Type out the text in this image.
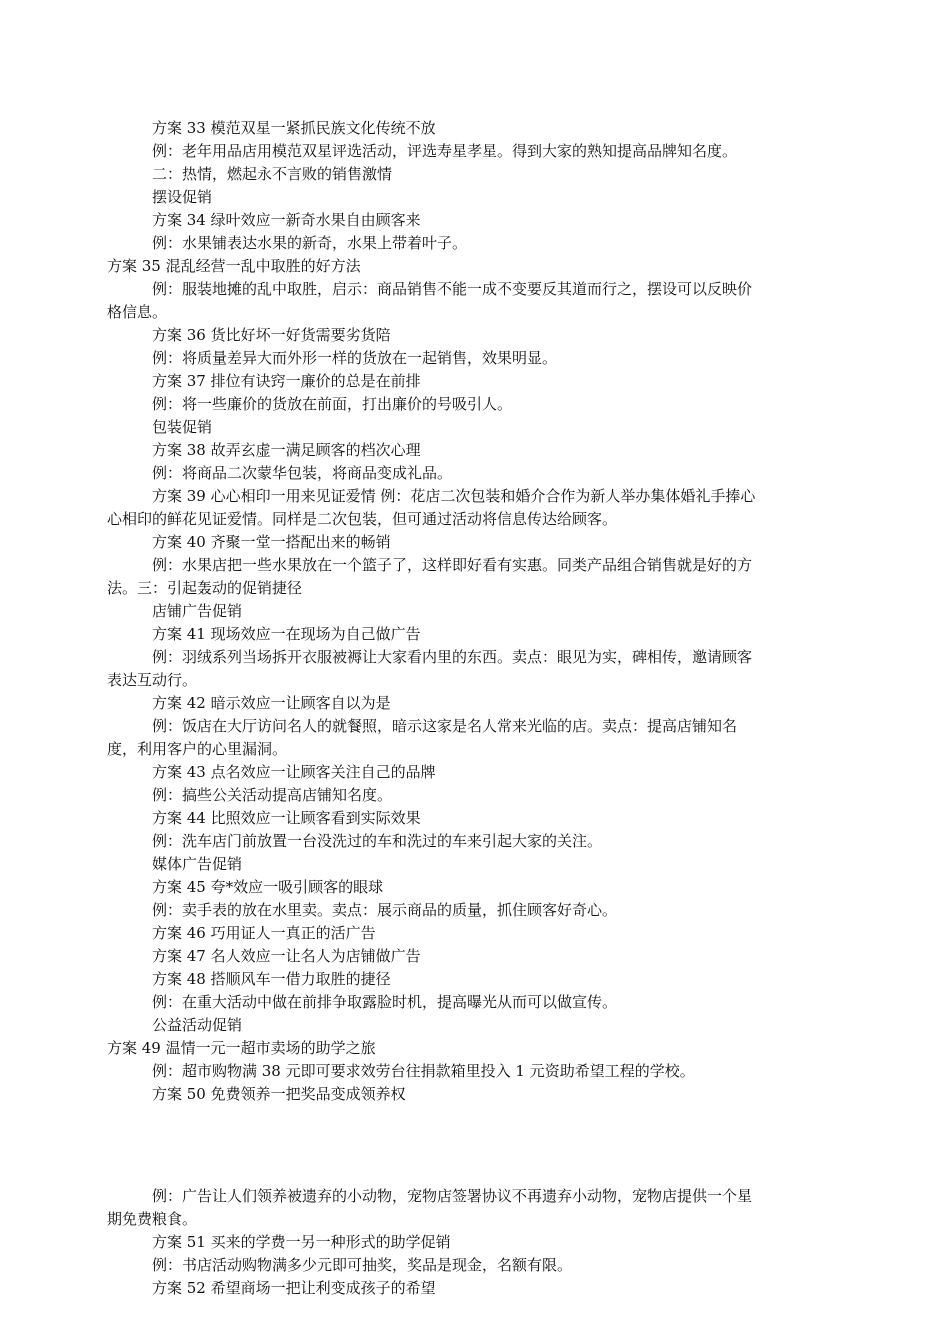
方案 33 模范双星一紧抓民族文化传统不放
例：老年用品店用模范双星评选活动，评选寿星孝星。得到大家的熟知提高品牌知名度。
二：热情，燃起永不言败的销售激情
摆设促销
方案 34 绿叶效应一新奇水果自由顾客来
例：水果铺表达水果的新奇，水果上带着叶子。
方案 35 混乱经营一乱中取胜的好方法
例：服装地摊的乱中取胜，启示：商品销售不能一成不变要反其道而行之，摆设可以反映价
格信息。
方案 36 货比好坏一好货需要劣货陪
例：将质量差异大而外形一样的货放在一起销售，效果明显。
方案 37 排位有诀窍一廉价的总是在前排
例：将一些廉价的货放在前面，打出廉价的号吸引人。
包装促销
方案 38 故弄玄虚一满足顾客的档次心理
例：将商品二次蒙华包装，将商品变成礼品。
方案 39 心心相印一用来见证爱情 例：花店二次包装和婚介合作为新人举办集体婚礼手捧心
心相印的鲜花见证爱情。同样是二次包装，但可通过活动将信息传达给顾客。
方案 40 齐聚一堂一搭配出来的畅销
例：水果店把一些水果放在一个篮子了，这样即好看有实惠。同类产品组合销售就是好的方
法。三：引起轰动的促销捷径
店铺广告促销
方案 41 现场效应一在现场为自己做广告
例：羽绒系列当场拆开衣服被褥让大家看内里的东西。卖点：眼见为实，碑相传，邀请顾客
表达互动行。
方案 42 暗示效应一让顾客自以为是
例：饭店在大厅访问名人的就餐照，暗示这家是名人常来光临的店。卖点：提高店铺知名
度，利用客户的心里漏洞。
方案 43 点名效应一让顾客关注自己的品牌
例：搞些公关活动提高店铺知名度。
方案 44 比照效应一让顾客看到实际效果
例：洗车店门前放置一台没洗过的车和洗过的车来引起大家的关注。
媒体广告促销
方案 45 夸*效应一吸引顾客的眼球
例：卖手表的放在水里卖。卖点：展示商品的质量，抓住顾客好奇心。
方案 46 巧用证人一真正的活广告
方案 47 名人效应一让名人为店铺做广告
方案 48 搭顺风车一借力取胜的捷径
例：在重大活动中做在前排争取露脸时机，提高曝光从而可以做宣传。
公益活动促销
方案 49 温情一元一超市卖场的助学之旅
例：超市购物满 38 元即可要求效劳台往捐款箱里投入 1 元资助希望工程的学校。
方案 50 免费领养一把奖品变成领养权
例：广告让人们领养被遗弃的小动物，宠物店签署协议不再遗弃小动物，宠物店提供一个星
期免费粮食。
方案 51 买来的学费一另一种形式的助学促销
例：书店活动购物满多少元即可抽奖，奖品是现金，名额有限。
方案 52 希望商场一把让利变成孩子的希望
